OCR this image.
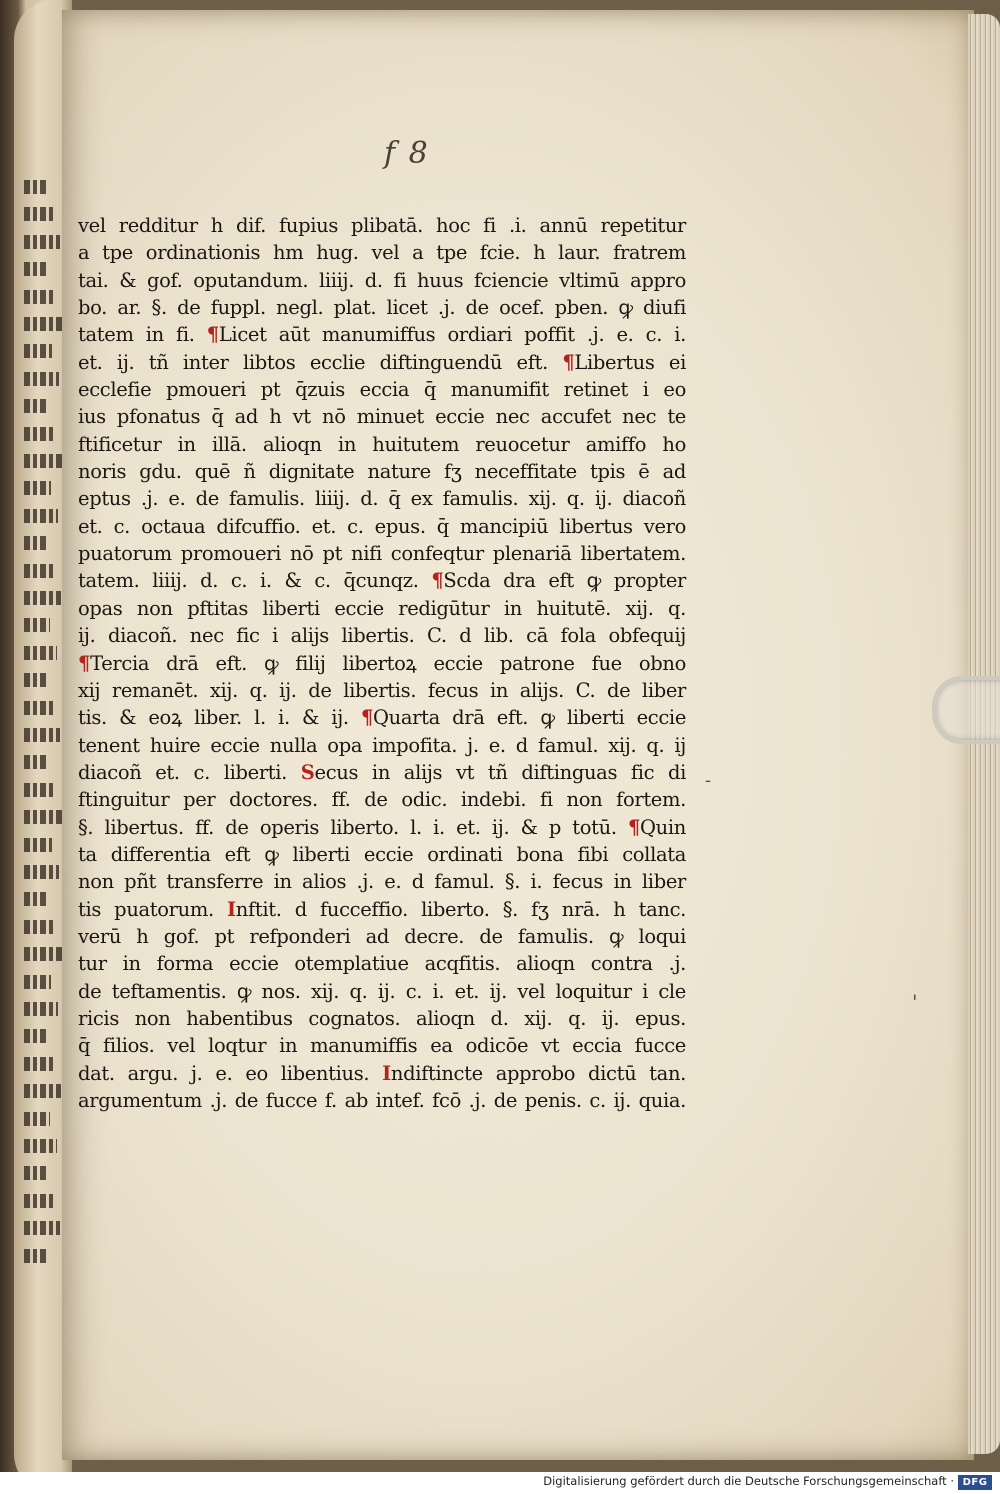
f 8
vel redditur h dif. fupius plibatā. hoc fi .i. annū repetitur
a tpe ordinationis hm hug. vel a tpe fcie. h laur. fratrem
tai. & gof. oputandum. liiij. d. fi huus fciencie vltimū appro
bo. ar. §. de fuppl. negl. plat. licet .j. de ocef. pben. ꝙ diufi
tatem in fi. ¶Licet aūt manumiffus ordiari poffit .j. e. c. i.
et. ij. tñ inter libtos ecclie diftinguendū eft. ¶Libertus ei
ecclefie pmoueri pt q̄zuis eccia q̄ manumifit retinet i eo
ius pfonatus q̄ ad h vt nō minuet eccie nec accufet nec te
ftificetur in illā. alioqn in huitutem reuocetur amiffo ho
noris gdu. quē ñ dignitate nature fʒ neceffitate tpis ē ad
eptus .j. e. de famulis. liiij. d. q̄ ex famulis. xij. q. ij. diacoñ
et. c. octaua difcuffio. et. c. epus. q̄ mancipiū libertus vero
puatorum promoueri nō pt nifi confeqtur plenariā libertatem.
tatem. liiij. d. c. i. & c. q̄cunqz. ¶Scda dra eft ꝙ propter
opas non pftitas liberti eccie redigūtur in huitutē. xij. q.
ij. diacoñ. nec fic i alijs libertis. C. d lib. cā fola obfequij
¶Tercia drā eft. ꝙ filij libertoꝝ eccie patrone fue obno
xij remanēt. xij. q. ij. de libertis. fecus in alijs. C. de liber
tis. & eoꝝ liber. l. i. & ij. ¶Quarta drā eft. ꝙ liberti eccie
tenent huire eccie nulla opa impofita. j. e. d famul. xij. q. ij
diacoñ et. c. liberti. Secus in alijs vt tñ diftinguas fic di
ftinguitur per doctores. ff. de odic. indebi. fi non fortem.
§. libertus. ff. de operis liberto. l. i. et. ij. & p totū. ¶Quin
ta differentia eft ꝙ liberti eccie ordinati bona fibi collata
non pñt transferre in alios .j. e. d famul. §. i. fecus in liber
tis puatorum. Inftit. d fucceffio. liberto. §. fʒ nrā. h tanc.
verū h gof. pt refponderi ad decre. de famulis. ꝙ loqui
tur in forma eccie otemplatiue acqfitis. alioqn contra .j.
de teftamentis. ꝙ nos. xij. q. ij. c. i. et. ij. vel loquitur i cle
ricis non habentibus cognatos. alioqn d. xij. q. ij. epus.
q̄ filios. vel loqtur in manumiffis ea odicōe vt eccia fucce
dat. argu. j. e. eo libentius. Indiftincte approbo dictū tan.
argumentum .j. de fucce f. ab intef. fcō .j. de penis. c. ij. quia.
-
'
Digitalisierung gefördert durch die Deutsche Forschungsgemeinschaft · DFG
